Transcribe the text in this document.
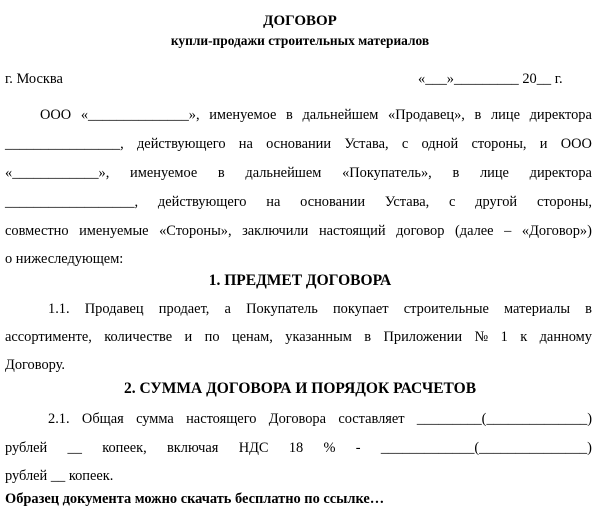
ДОГОВОР

купли-продажи строительных материалов

г. Москва	«___»_________ 20__ г.

ООО «______________», именуемое в дальнейшем «Продавец», в лице директора

________________, действующего на основании Устава, с одной стороны, и ООО

«____________», именуемое в дальнейшем «Покупатель», в лице директора

__________________, действующего на основании Устава, с другой стороны,

совместно именуемые «Стороны», заключили настоящий договор (далее – «Договор»)

о нижеследующем:

1. ПРЕДМЕТ ДОГОВОРА

1.1. Продавец продает, а Покупатель покупает строительные материалы в

ассортименте, количестве и по ценам, указанным в Приложении № 1 к данному

Договору.

2. СУММА ДОГОВОРА И ПОРЯДОК РАСЧЕТОВ

2.1. Общая сумма настоящего Договора составляет _________(______________)

рублей __ копеек, включая НДС 18 % - _____________(_______________)

рублей __ копеек.

Образец документа можно скачать бесплатно по ссылке…
